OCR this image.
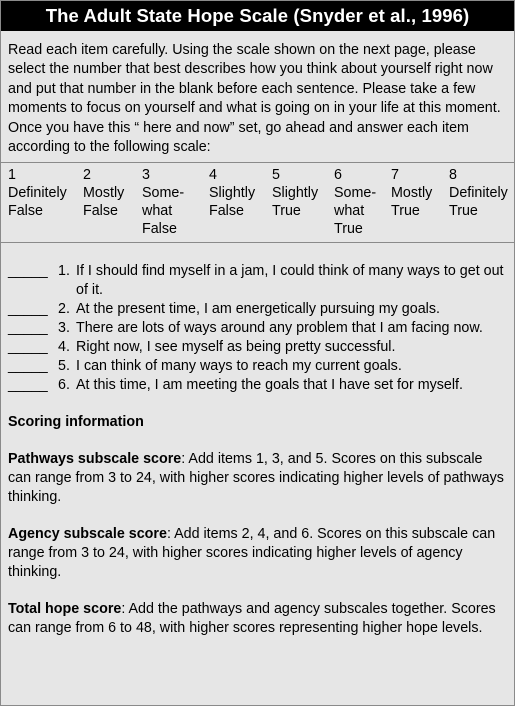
The Adult State Hope Scale (Snyder et al., 1996)
Read each item carefully. Using the scale shown on the next page, please select the number that best describes how you think about yourself right now and put that number in the blank before each sentence. Please take a few moments to focus on yourself and what is going on in your life at this moment. Once you have this “ here and now” set, go ahead and answer each item according to the following scale:
1
Definitely
False
2
Mostly
False
3
Some-
what
False
4
Slightly
False
5
Slightly
True
6
Some-
what
True
7
Mostly
True
8
Definitely
True
_____ 1. If I should find myself in a jam, I could think of many ways to get out of it.
_____ 2. At the present time, I am energetically pursuing my goals.
_____ 3. There are lots of ways around any problem that I am facing now.
_____ 4. Right now, I see myself as being pretty successful.
_____ 5. I can think of many ways to reach my current goals.
_____ 6. At this time, I am meeting the goals that I have set for myself.
Scoring information
Pathways subscale score: Add items 1, 3, and 5. Scores on this subscale can range from 3 to 24, with higher scores indicating higher levels of pathways thinking.
Agency subscale score: Add items 2, 4, and 6. Scores on this subscale can range from 3 to 24, with higher scores indicating higher levels of agency thinking.
Total hope score: Add the pathways and agency subscales together. Scores can range from 6 to 48, with higher scores representing higher hope levels.
